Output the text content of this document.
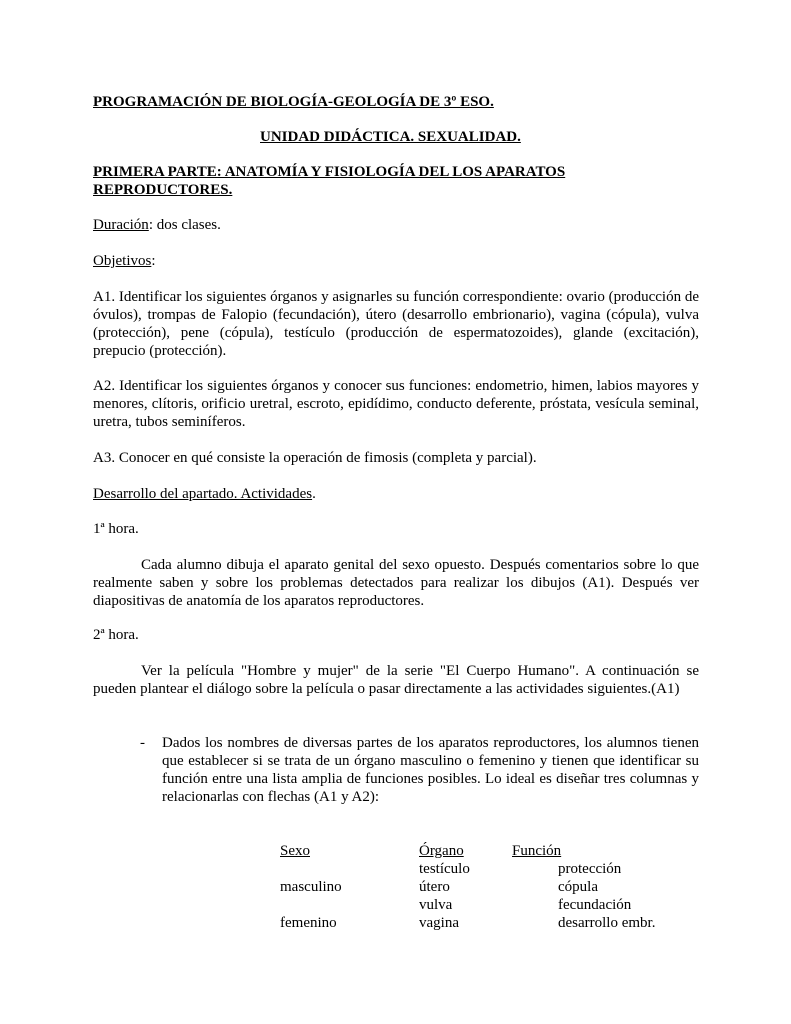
PROGRAMACIÓN DE BIOLOGÍA-GEOLOGÍA DE 3º ESO.

UNIDAD DIDÁCTICA. SEXUALIDAD.

PRIMERA PARTE: ANATOMÍA Y FISIOLOGÍA DEL LOS APARATOS REPRODUCTORES.

Duración: dos clases.

Objetivos:

A1. Identificar los siguientes órganos y asignarles su función correspondiente: ovario (producción de óvulos), trompas de Falopio (fecundación), útero (desarrollo embrionario), vagina (cópula), vulva (protección), pene (cópula), testículo (producción de espermatozoides), glande (excitación), prepucio (protección).

A2. Identificar los siguientes órganos y conocer sus funciones: endometrio, himen, labios mayores y menores, clítoris, orificio uretral, escroto, epidídimo, conducto deferente, próstata, vesícula seminal, uretra, tubos seminíferos.

A3. Conocer en qué consiste la operación de fimosis (completa y parcial).

Desarrollo del apartado. Actividades.

1ª hora.

Cada alumno dibuja el aparato genital del sexo opuesto. Después comentarios sobre lo que realmente saben y sobre los problemas detectados para realizar los dibujos (A1). Después ver diapositivas de anatomía de los aparatos reproductores.

2ª hora.

Ver la película "Hombre y mujer" de la serie "El Cuerpo Humano". A continuación se pueden plantear el diálogo sobre la película o pasar directamente a las actividades siguientes.(A1)

- Dados los nombres de diversas partes de los aparatos reproductores, los alumnos tienen que establecer si se trata de un órgano masculino o femenino y tienen que identificar su función entre una lista amplia de funciones posibles. Lo ideal es diseñar tres columnas y relacionarlas con flechas (A1 y A2):

Sexo	Órgano	Función
masculino
femenino
testículo
útero
vulva
vagina
protección
cópula
fecundación
desarrollo embr.
